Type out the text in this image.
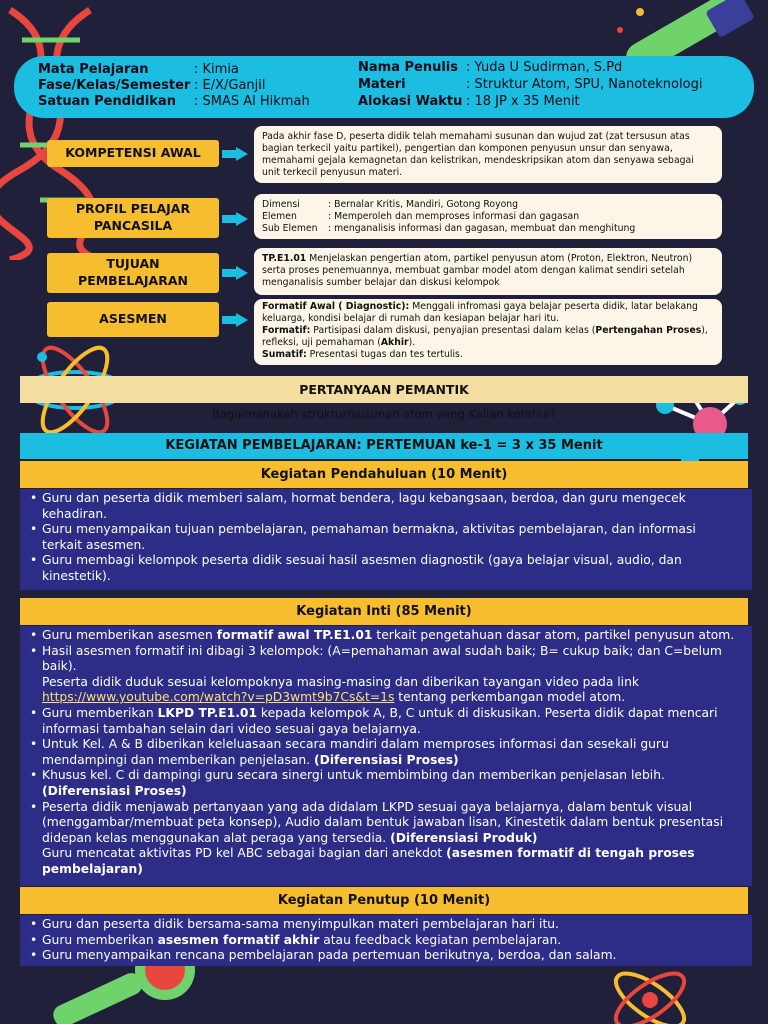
Mata Pelajaran	: Kimia
Fase/Kelas/Semester : E/X/Ganjil
Satuan Pendidikan : SMAS Al Hikmah
Nama Penulis : Yuda U Sudirman, S.Pd
Materi	: Struktur Atom, SPU, Nanoteknologi
Alokasi Waktu : 18 JP x 35 Menit
KOMPETENSI AWAL
Pada akhir fase D, peserta didik telah memahami susunan dan wujud zat (zat tersusun atas bagian terkecil yaitu partikel), pengertian dan komponen penyusun unsur dan senyawa, memahami gejala kemagnetan dan kelistrikan, mendeskripsikan atom dan senyawa sebagai unit terkecil penyusun materi.
PROFIL PELAJAR
PANCASILA
Dimensi	: Bernalar Kritis, Mandiri, Gotong Royong
Elemen	: Memperoleh dan memproses informasi dan gagasan
Sub Elemen : menganalisis informasi dan gagasan, membuat dan menghitung
TUJUAN
PEMBELAJARAN
TP.E1.01 Menjelaskan pengertian atom, partikel penyusun atom (Proton, Elektron, Neutron) serta proses penemuannya, membuat gambar model atom dengan kalimat sendiri setelah menganalisis sumber belajar dan diskusi kelompok
ASESMEN
Formatif Awal ( Diagnostic): Menggali infromasi gaya belajar peserta didik, latar belakang keluarga, kondisi belajar di rumah dan kesiapan belajar hari itu.
Formatif: Partisipasi dalam diskusi, penyajian presentasi dalam kelas (Pertengahan Proses), refleksi, uji pemahaman (Akhir).
Sumatif: Presentasi tugas dan tes tertulis.
PERTANYAAN PEMANTIK
Bagaimanakah struktur/susunan atom yang Kalian ketahui?
KEGIATAN PEMBELAJARAN: PERTEMUAN ke-1 = 3 x 35 Menit
Kegiatan Pendahuluan (10 Menit)
• Guru dan peserta didik memberi salam, hormat bendera, lagu kebangsaan, berdoa, dan guru mengecek kehadiran.
• Guru menyampaikan tujuan pembelajaran, pemahaman bermakna, aktivitas pembelajaran, dan informasi terkait asesmen.
• Guru membagi kelompok peserta didik sesuai hasil asesmen diagnostik (gaya belajar visual, audio, dan kinestetik).
Kegiatan Inti (85 Menit)
• Guru memberikan asesmen formatif awal TP.E1.01 terkait pengetahuan dasar atom, partikel penyusun atom.
• Hasil asesmen formatif ini dibagi 3 kelompok: (A=pemahaman awal sudah baik; B= cukup baik; dan C=belum baik).
Peserta didik duduk sesuai kelompoknya masing-masing dan diberikan tayangan video pada link
https://www.youtube.com/watch?v=pD3wmt9b7Cs&t=1s tentang perkembangan model atom.
• Guru memberikan LKPD TP.E1.01 kepada kelompok A, B, C untuk di diskusikan. Peserta didik dapat mencari informasi tambahan selain dari video sesuai gaya belajarnya.
• Untuk Kel. A & B diberikan keleluasaan secara mandiri dalam memproses informasi dan sesekali guru mendampingi dan memberikan penjelasan. (Diferensiasi Proses)
• Khusus kel. C di dampingi guru secara sinergi untuk membimbing dan memberikan penjelasan lebih. (Diferensiasi Proses)
• Peserta didik menjawab pertanyaan yang ada didalam LKPD sesuai gaya belajarnya, dalam bentuk visual (menggambar/membuat peta konsep), Audio dalam bentuk jawaban lisan, Kinestetik dalam bentuk presentasi didepan kelas menggunakan alat peraga yang tersedia. (Diferensiasi Produk)
Guru mencatat aktivitas PD kel ABC sebagai bagian dari anekdot (asesmen formatif di tengah proses pembelajaran)
Kegiatan Penutup (10 Menit)
• Guru dan peserta didik bersama-sama menyimpulkan materi pembelajaran hari itu.
• Guru memberikan asesmen formatif akhir atau feedback kegiatan pembelajaran.
• Guru menyampaikan rencana pembelajaran pada pertemuan berikutnya, berdoa, dan salam.
